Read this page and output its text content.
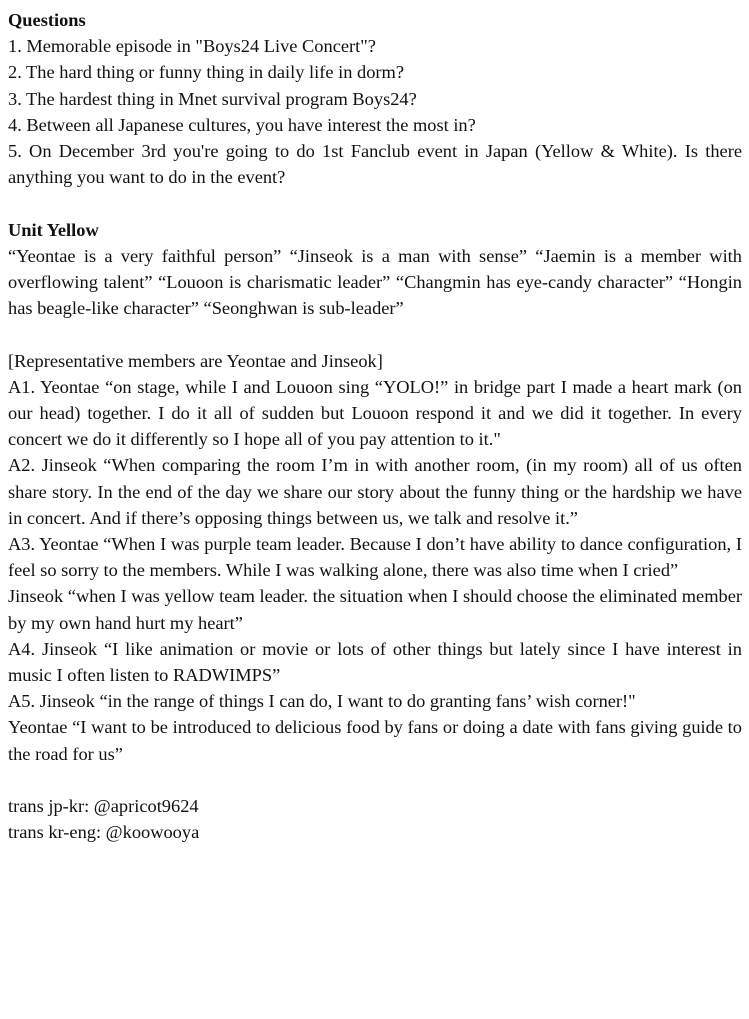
Questions

1. Memorable episode in "Boys24 Live Concert"?

2. The hard thing or funny thing in daily life in dorm?

3. The hardest thing in Mnet survival program Boys24?

4. Between all Japanese cultures, you have interest the most in?

5. On December 3rd you're going to do 1st Fanclub event in Japan (Yellow & White). Is there anything you want to do in the event?

Unit Yellow

“Yeontae is a very faithful person” “Jinseok is a man with sense” “Jaemin is a member with overflowing talent” “Louoon is charismatic leader” “Changmin has eye-candy character” “Hongin has beagle-like character” “Seonghwan is sub-leader”

[Representative members are Yeontae and Jinseok]

A1. Yeontae “on stage, while I and Louoon sing “YOLO!” in bridge part I made a heart mark (on our head) together. I do it all of sudden but Louoon respond it and we did it together. In every concert we do it differently so I hope all of you pay attention to it."

A2. Jinseok “When comparing the room I’m in with another room, (in my room) all of us often share story. In the end of the day we share our story about the funny thing or the hardship we have in concert. And if there’s opposing things between us, we talk and resolve it.”

A3. Yeontae “When I was purple team leader. Because I don’t have ability to dance configuration, I feel so sorry to the members. While I was walking alone, there was also time when I cried”

Jinseok “when I was yellow team leader. the situation when I should choose the eliminated member by my own hand hurt my heart”

A4. Jinseok “I like animation or movie or lots of other things but lately since I have interest in music I often listen to RADWIMPS”

A5. Jinseok “in the range of things I can do, I want to do granting fans’ wish corner!"

Yeontae “I want to be introduced to delicious food by fans or doing a date with fans giving guide to the road for us”

trans jp-kr: @apricot9624

trans kr-eng: @koowooya
